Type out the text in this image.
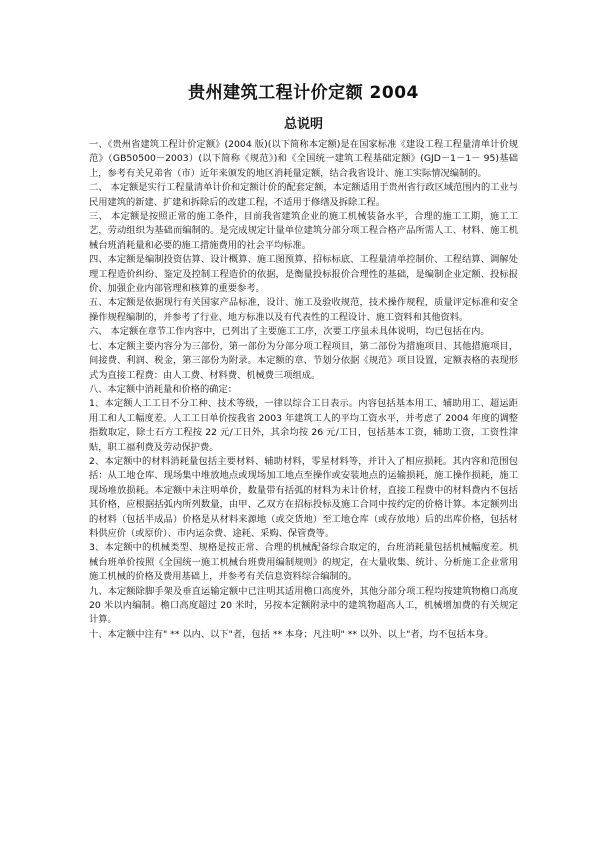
贵州建筑工程计价定额 2004
总说明

一、《贵州省建筑工程计价定额》(2004 版)(以下简称本定额)是在国家标准《建设工程工程量清单计价规范》（GB50500－2003）(以下简称《规范》)和《全国统一建筑工程基础定额》(GJD－1－1－ 95)基础上，参考有关兄弟省（市）近年来颁发的地区消耗量定额，结合我省设计、施工实际情况编制的。

二、 本定额是实行工程量清单计价和定额计价的配套定额，本定额适用于贵州省行政区域范围内的工业与民用建筑的新建、扩建和拆除后的改建工程，不适用于修缮及拆除工程。

三、 本定额是按照正常的施工条件，目前我省建筑企业的施工机械装备水平，合理的施工工期，施工工艺，劳动组织为基础而编制的。是完成规定计量单位建筑分部分项工程合格产品所需人工、材料、施工机械台班消耗量和必要的施工措施费用的社会平均标准。

四、本定额是编制投资估算、设计概算、施工图预算、招标标底、工程量清单控制价、工程结算、调解处理工程造价纠纷、鉴定及控制工程造价的依据，是衡量投标报价合理性的基础，是编制企业定额、投标报价、加强企业内部管理和核算的重要参考。

五、本定额是依据现行有关国家产品标准，设计、施工及验收规范，技术操作规程，质量评定标准和安全操作规程编制的，并参考了行业、地方标准以及有代表性的工程设计、施工资料和其他资料。

六、 本定额在章节工作内容中，已列出了主要施工工序，次要工序虽未具体说明，均已包括在内。

七、本定额主要内容分为三部份，第一部份为分部分项工程项目，第二部份为措施项目、其他措施项目，间接费、利润、税金，第三部份为附录。本定额的章、节划分依据《规范》项目设置，定额表格的表现形式为直接工程费：由人工费、材料费、机械费三项组成。

八、本定额中消耗量和价格的确定：

1、本定额人工工日不分工种、技术等级，一律以综合工日表示。内容包括基本用工、辅助用工、超运距用工和人工幅度差。人工工日单价按我省 2003 年建筑工人的平均工资水平，并考虑了 2004 年度的调整指数取定，除土石方工程按 22 元/工日外，其余均按 26 元/工日，包括基本工资，辅助工资，工资性津贴，职工福利费及劳动保护费。

2、本定额中的材料消耗量包括主要材料、辅助材料，零星材料等，并计入了相应损耗。其内容和范围包括：从工地仓库、现场集中堆放地点或现场加工地点至操作或安装地点的运输损耗，施工操作损耗，施工现场堆放损耗。本定额中未注明单价，数量带有括弧的材料为未计价材，直接工程费中的材料费内不包括其价格，应根据括弧内所列数量，由甲、乙双方在招标投标及施工合同中按约定的价格计算。本定额列出的材料（包括半成品）价格是从材料来源地（或交货地）至工地仓库（或存放地）后的出库价格，包括材料供应价（或原价）、市内运杂费、途耗、采购、保管费等。

3、本定额中的机械类型、规格是按正常、合理的机械配备综合取定的，台班消耗量包括机械幅度差。机械台班单价按照《全国统一施工机械台班费用编制规则》的规定，在大量收集、统计、分析施工企业常用施工机械的价格及费用基础上，并参考有关信息资料综合编制的。

九、本定额除脚手架及垂直运输定额中已注明其适用檐口高度外，其他分部分项工程均按建筑物檐口高度 20 米以内编制。檐口高度超过 20 米时，另按本定额附录中的建筑物超高人工，机械增加费的有关规定计算。

十、本定额中注有" ** 以内、以下"者，包括 ** 本身；凡注明" ** 以外、以上"者，均不包括本身。
